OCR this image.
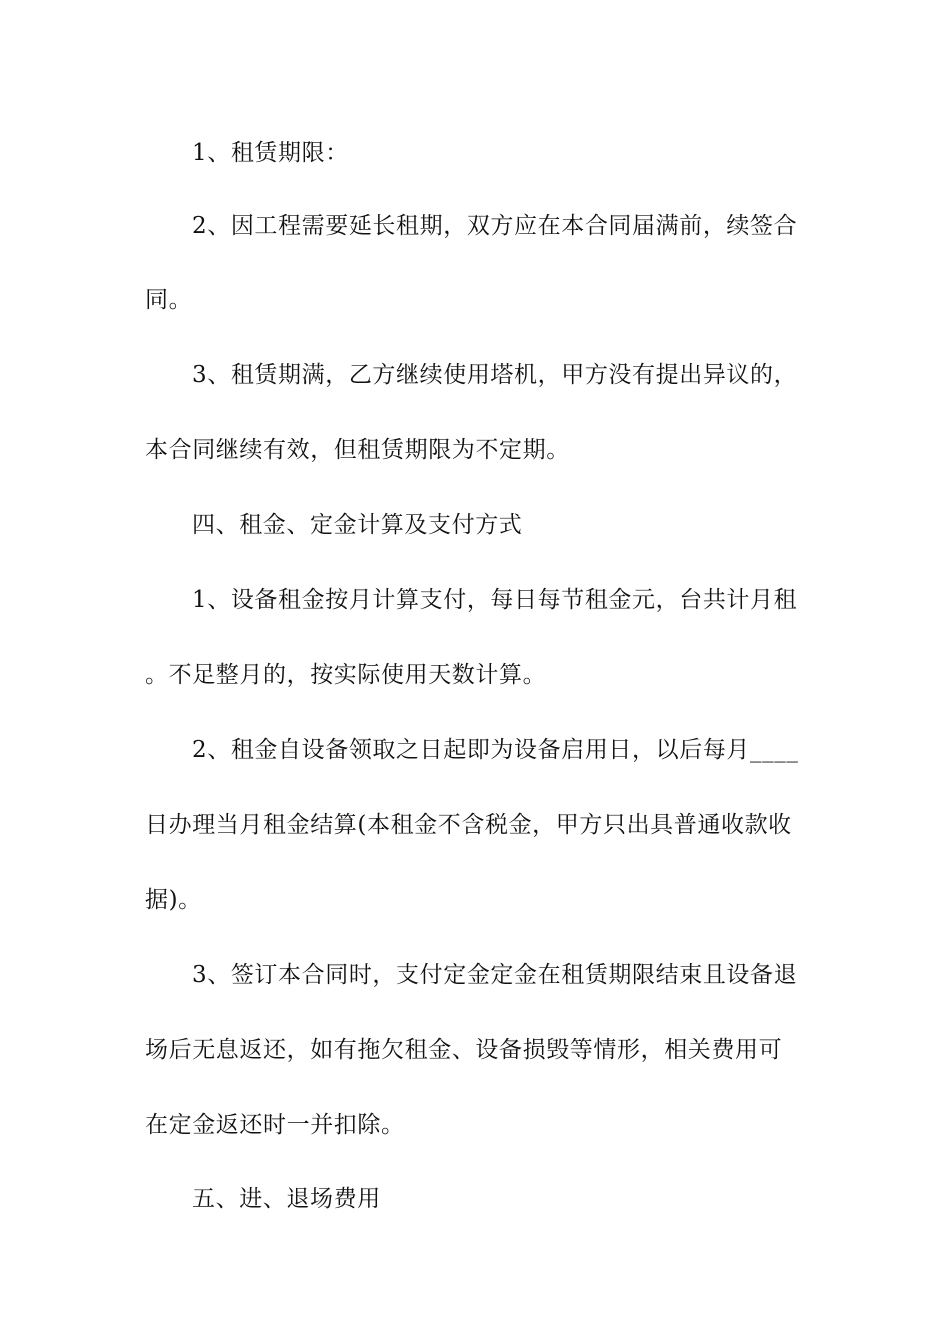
1、租赁期限：
2、因工程需要延长租期，双方应在本合同届满前，续签合
同。
3、租赁期满，乙方继续使用塔机，甲方没有提出异议的，
本合同继续有效，但租赁期限为不定期。
四、租金、定金计算及支付方式
1、设备租金按月计算支付，每日每节租金元，台共计月租
。不足整月的，按实际使用天数计算。
2、租金自设备领取之日起即为设备启用日，以后每月____
日办理当月租金结算(本租金不含税金，甲方只出具普通收款收
据)。
3、签订本合同时，支付定金定金在租赁期限结束且设备退
场后无息返还，如有拖欠租金、设备损毁等情形，相关费用可
在定金返还时一并扣除。
五、进、退场费用
